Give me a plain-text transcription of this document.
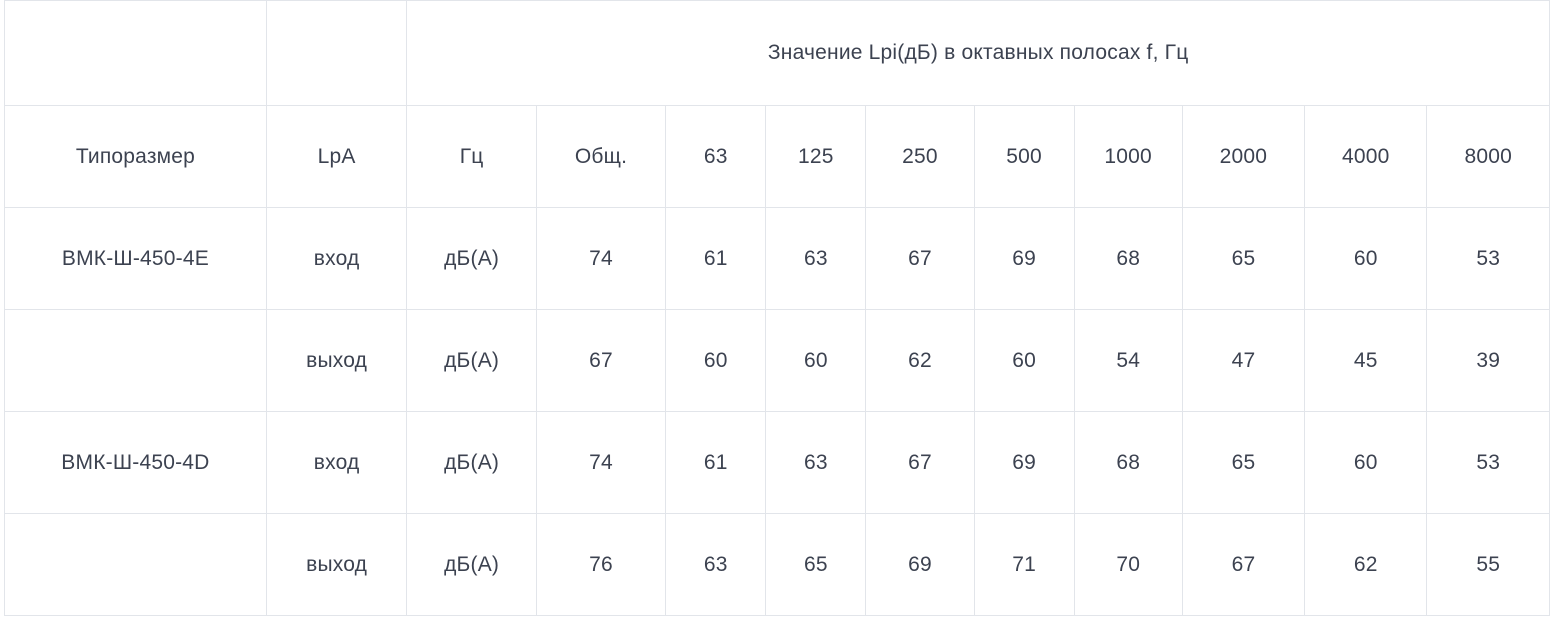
		Значение Lpi(дБ) в октавных полосах f, Гц									
Типоразмер	LpA	Гц	Общ.	63	125	250	500	1000	2000	4000	8000
ВМК-Ш-450-4Е	вход	дБ(А)	74	61	63	67	69	68	65	60	53
	выход	дБ(А)	67	60	60	62	60	54	47	45	39
ВМК-Ш-450-4D	вход	дБ(А)	74	61	63	67	69	68	65	60	53
	выход	дБ(А)	76	63	65	69	71	70	67	62	55
